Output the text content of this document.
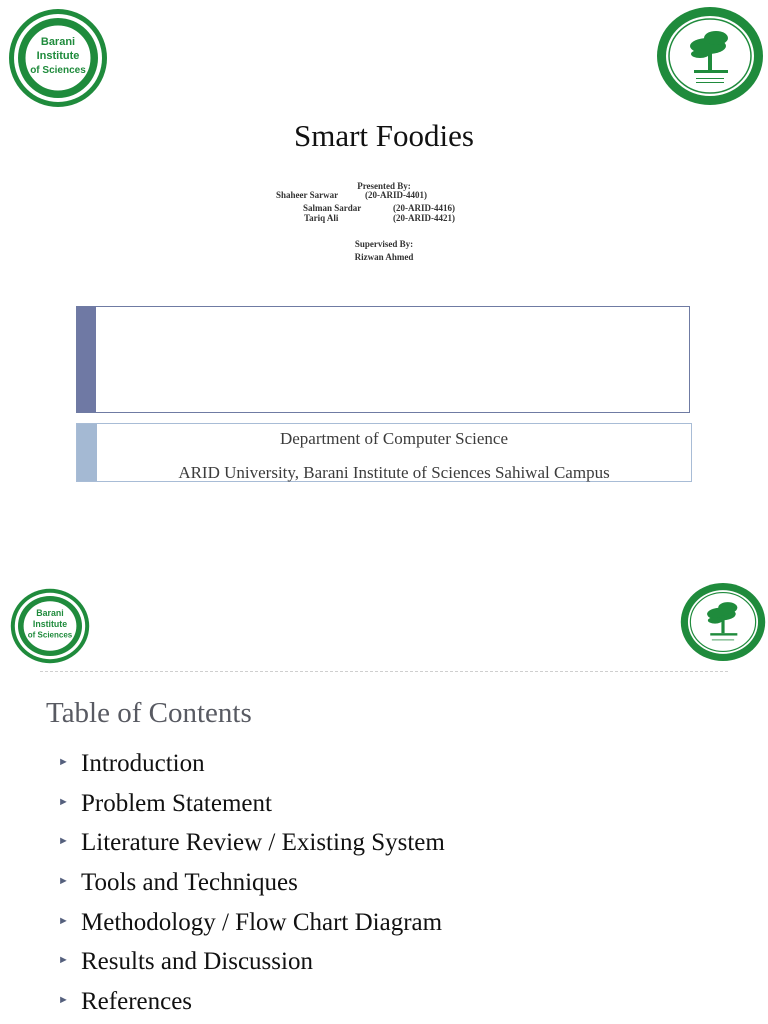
Barani
Institute
of Sciences
Smart Foodies
Presented By:
Shaheer Sarwar	(20-ARID-4401)
Salman Sardar	(20-ARID-4416)
Tariq Ali	(20-ARID-4421)
Supervised By:
Rizwan Ahmed
Department of Computer Science
ARID University, Barani Institute of Sciences Sahiwal Campus
Barani
Institute
of Sciences
Table of Contents
► Introduction
► Problem Statement
► Literature Review / Existing System
► Tools and Techniques
► Methodology / Flow Chart Diagram
► Results and Discussion
► References
